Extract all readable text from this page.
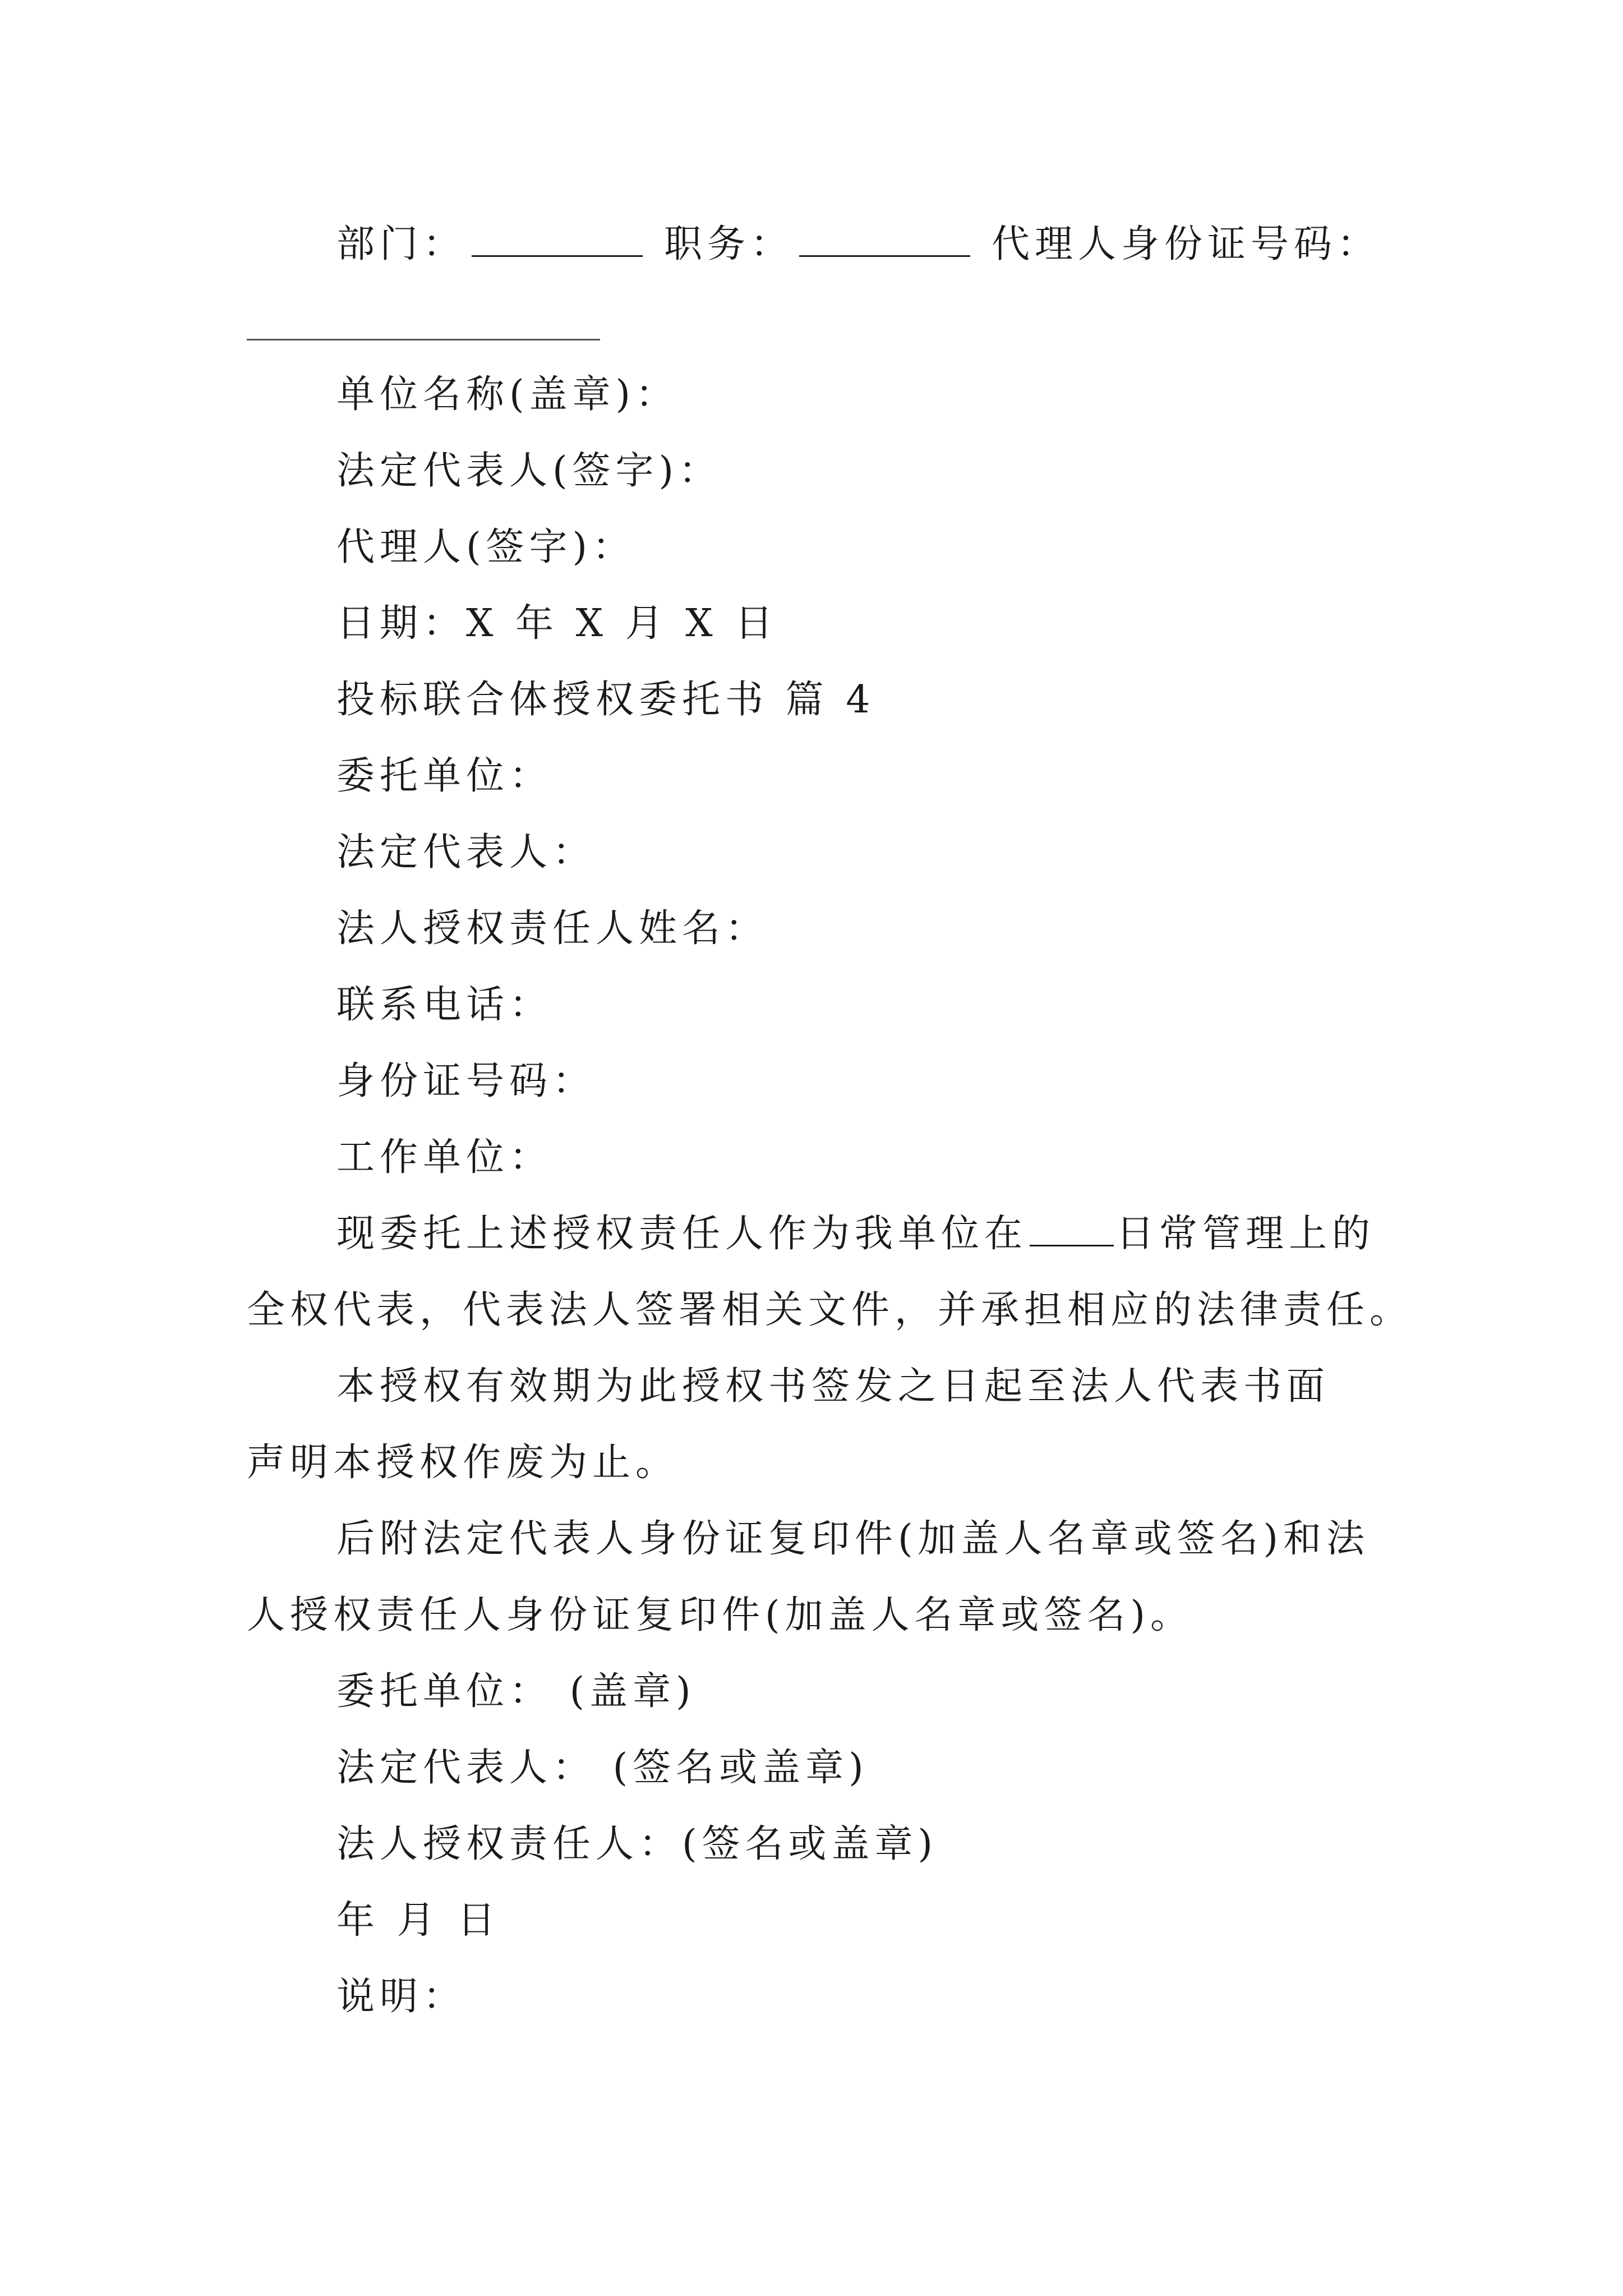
部门：	职务：	代理人身份证号码：
单位名称(盖章)：
法定代表人(签字)：
代理人(签字)：
日期：X 年 X 月 X 日
投标联合体授权委托书 篇 4
委托单位：
法定代表人：
法人授权责任人姓名：
联系电话：
身份证号码：
工作单位：
现委托上述授权责任人作为我单位在 日常管理上的
全权代表，代表法人签署相关文件，并承担相应的法律责任。
本授权有效期为此授权书签发之日起至法人代表书面
声明本授权作废为止。
后附法定代表人身份证复印件(加盖人名章或签名)和法
人授权责任人身份证复印件(加盖人名章或签名)。
委托单位： (盖章)
法定代表人： (签名或盖章)
法人授权责任人：(签名或盖章)
年 月 日
说明：
